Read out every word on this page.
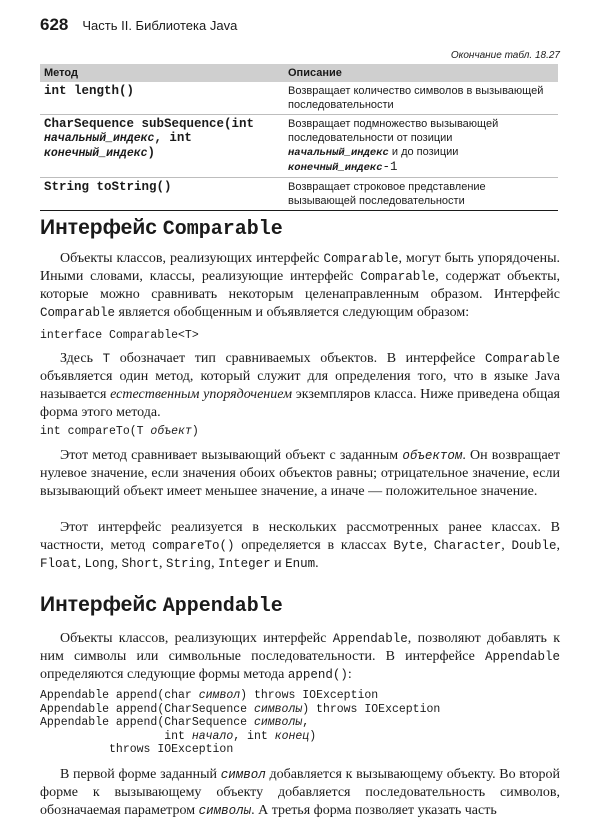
628 Часть II. Библиотека Java
Окончание табл. 18.27
Метод	Описание
int length()	Возвращает количество символов в вызывающей последовательности
CharSequence subSequence(int начальный_индекс, int конечный_индекс)	Возвращает подмножество вызывающей последовательности от позиции начальный_индекс и до позиции конечный_индекс-1
String toString()	Возвращает строковое представление вызывающей последовательности
Интерфейс Comparable

Объекты классов, реализующих интерфейс Comparable, могут быть упорядочены. Иными словами, классы, реализующие интерфейс Comparable, содержат объекты, которые можно сравнивать некоторым целенаправленным образом. Интерфейс Comparable является обобщенным и объявляется следующим образом:

interface Comparable<T>

Здесь T обозначает тип сравниваемых объектов. В интерфейсе Comparable объявляется один метод, который служит для определения того, что в языке Java называется естественным упорядочением экземпляров класса. Ниже приведена общая форма этого метода.

int compareTo(T объект)

Этот метод сравнивает вызывающий объект с заданным объектом. Он возвращает нулевое значение, если значения обоих объектов равны; отрицательное значение, если вызывающий объект имеет меньшее значение, а иначе — положительное значение.

Этот интерфейс реализуется в нескольких рассмотренных ранее классах. В частности, метод compareTo() определяется в классах Byte, Character, Double, Float, Long, Short, String, Integer и Enum.

Интерфейс Appendable

Объекты классов, реализующих интерфейс Appendable, позволяют добавлять к ним символы или символьные последовательности. В интерфейсе Appendable определяются следующие формы метода append():

Appendable append(char символ) throws IOException
Appendable append(CharSequence символы) throws IOException
Appendable append(CharSequence символы,
int начало, int конец)
throws IOException

В первой форме заданный символ добавляется к вызывающему объекту. Во второй форме к вызывающему объекту добавляется последовательность символов, обозначаемая параметром символы. А третья форма позволяет указать часть
